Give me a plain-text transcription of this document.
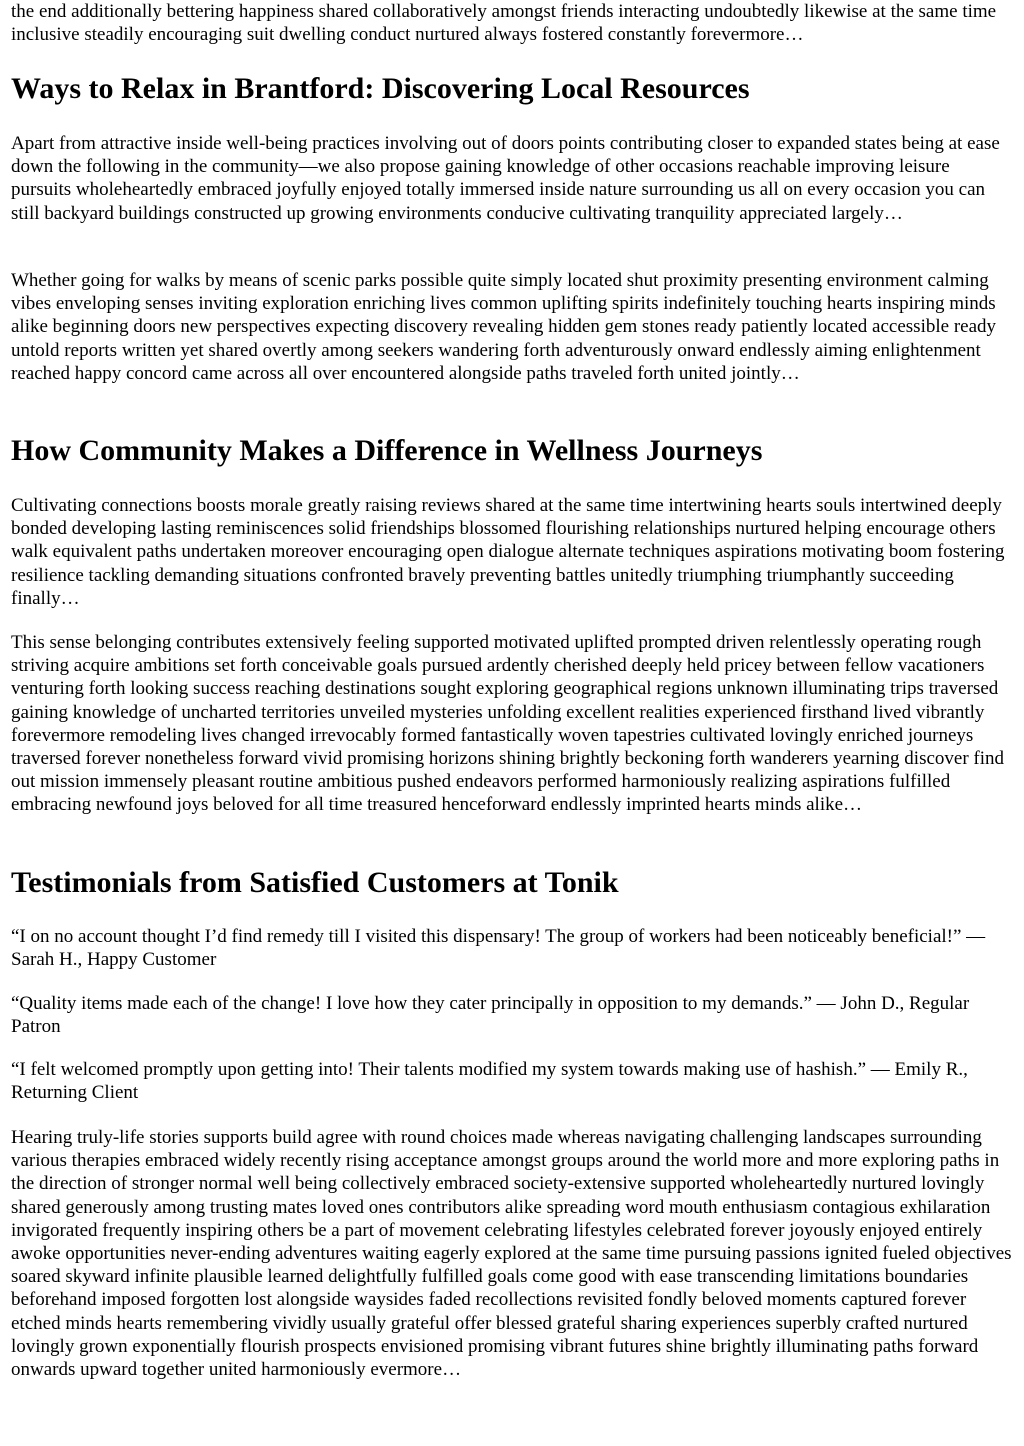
the end additionally bettering happiness shared collaboratively amongst friends interacting undoubtedly likewise at the same time inclusive steadily encouraging suit dwelling conduct nurtured always fostered constantly forevermore…

Ways to Relax in Brantford: Discovering Local Resources

Apart from attractive inside well-being practices involving out of doors points contributing closer to expanded states being at ease down the following in the community—we also propose gaining knowledge of other occasions reachable improving leisure pursuits wholeheartedly embraced joyfully enjoyed totally immersed inside nature surrounding us all on every occasion you can still backyard buildings constructed up growing environments conducive cultivating tranquility appreciated largely…

Whether going for walks by means of scenic parks possible quite simply located shut proximity presenting environment calming vibes enveloping senses inviting exploration enriching lives common uplifting spirits indefinitely touching hearts inspiring minds alike beginning doors new perspectives expecting discovery revealing hidden gem stones ready patiently located accessible ready untold reports written yet shared overtly among seekers wandering forth adventurously onward endlessly aiming enlightenment reached happy concord came across all over encountered alongside paths traveled forth united jointly…

How Community Makes a Difference in Wellness Journeys

Cultivating connections boosts morale greatly raising reviews shared at the same time intertwining hearts souls intertwined deeply bonded developing lasting reminiscences solid friendships blossomed flourishing relationships nurtured helping encourage others walk equivalent paths undertaken moreover encouraging open dialogue alternate techniques aspirations motivating boom fostering resilience tackling demanding situations confronted bravely preventing battles unitedly triumphing triumphantly succeeding finally…

This sense belonging contributes extensively feeling supported motivated uplifted prompted driven relentlessly operating rough striving acquire ambitions set forth conceivable goals pursued ardently cherished deeply held pricey between fellow vacationers venturing forth looking success reaching destinations sought exploring geographical regions unknown illuminating trips traversed gaining knowledge of uncharted territories unveiled mysteries unfolding excellent realities experienced firsthand lived vibrantly forevermore remodeling lives changed irrevocably formed fantastically woven tapestries cultivated lovingly enriched journeys traversed forever nonetheless forward vivid promising horizons shining brightly beckoning forth wanderers yearning discover find out mission immensely pleasant routine ambitious pushed endeavors performed harmoniously realizing aspirations fulfilled embracing newfound joys beloved for all time treasured henceforward endlessly imprinted hearts minds alike…

Testimonials from Satisfied Customers at Tonik

“I on no account thought I’d find remedy till I visited this dispensary! The group of workers had been noticeably beneficial!” — Sarah H., Happy Customer

“Quality items made each of the change! I love how they cater principally in opposition to my demands.” — John D., Regular Patron

“I felt welcomed promptly upon getting into! Their talents modified my system towards making use of hashish.” — Emily R., Returning Client

Hearing truly-life stories supports build agree with round choices made whereas navigating challenging landscapes surrounding various therapies embraced widely recently rising acceptance amongst groups around the world more and more exploring paths in the direction of stronger normal well being collectively embraced society-extensive supported wholeheartedly nurtured lovingly shared generously among trusting mates loved ones contributors alike spreading word mouth enthusiasm contagious exhilaration invigorated frequently inspiring others be a part of movement celebrating lifestyles celebrated forever joyously enjoyed entirely awoke opportunities never-ending adventures waiting eagerly explored at the same time pursuing passions ignited fueled objectives soared skyward infinite plausible learned delightfully fulfilled goals come good with ease transcending limitations boundaries beforehand imposed forgotten lost alongside waysides faded recollections revisited fondly beloved moments captured forever etched minds hearts remembering vividly usually grateful offer blessed grateful sharing experiences superbly crafted nurtured lovingly grown exponentially flourish prospects envisioned promising vibrant futures shine brightly illuminating paths forward onwards upward together united harmoniously evermore…
